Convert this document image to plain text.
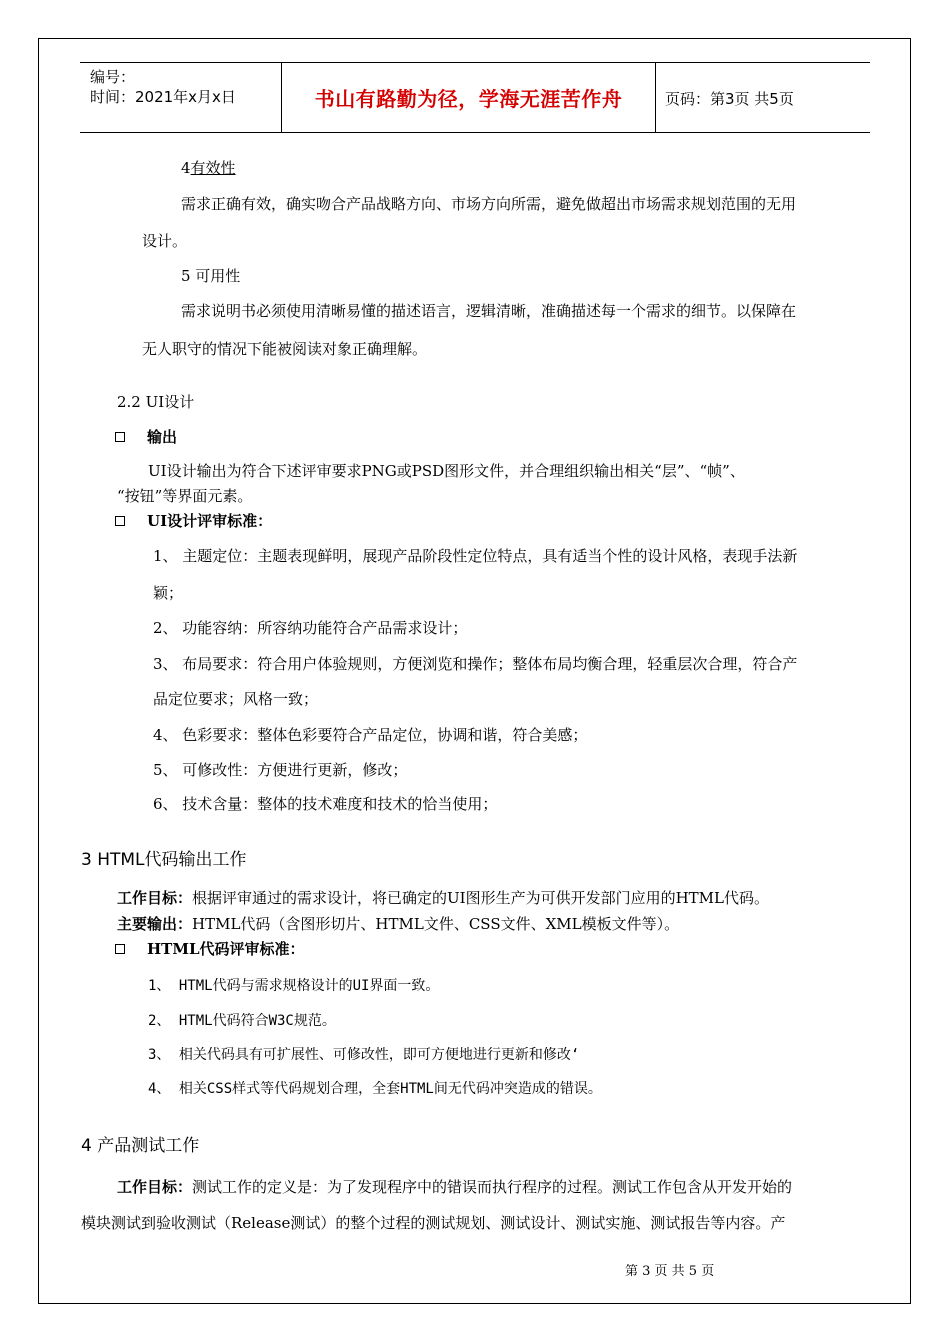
编号：
时间：2021年x月x日	书山有路勤为径，学海无涯苦作舟	页码：第3页 共5页
4有效性
需求正确有效，确实吻合产品战略方向、市场方向所需，避免做超出市场需求规划范围的无用
设计。
5 可用性
需求说明书必须使用清晰易懂的描述语言，逻辑清晰，准确描述每一个需求的细节。以保障在
无人职守的情况下能被阅读对象正确理解。
2.2 UI设计
输出
UI设计输出为符合下述评审要求PNG或PSD图形文件，并合理组织输出相关“层”、“帧”、
“按钮”等界面元素。
UI设计评审标准：
1、 主题定位：主题表现鲜明，展现产品阶段性定位特点，具有适当个性的设计风格，表现手法新
颖；
2、 功能容纳：所容纳功能符合产品需求设计；
3、 布局要求：符合用户体验规则，方便浏览和操作；整体布局均衡合理，轻重层次合理，符合产
品定位要求；风格一致；
4、 色彩要求：整体色彩要符合产品定位，协调和谐，符合美感；
5、 可修改性：方便进行更新，修改；
6、 技术含量：整体的技术难度和技术的恰当使用；
3 HTML代码输出工作
工作目标：根据评审通过的需求设计，将已确定的UI图形生产为可供开发部门应用的HTML代码。
主要输出：HTML代码（含图形切片、HTML文件、CSS文件、XML模板文件等）。
HTML代码评审标准：
1、 HTML代码与需求规格设计的UI界面一致。
2、 HTML代码符合W3C规范。
3、 相关代码具有可扩展性、可修改性，即可方便地进行更新和修改‘
4、 相关CSS样式等代码规划合理，全套HTML间无代码冲突造成的错误。
4 产品测试工作
工作目标：测试工作的定义是：为了发现程序中的错误而执行程序的过程。测试工作包含从开发开始的
模块测试到验收测试（Release测试）的整个过程的测试规划、测试设计、测试实施、测试报告等内容。产
第 3 页 共 5 页
